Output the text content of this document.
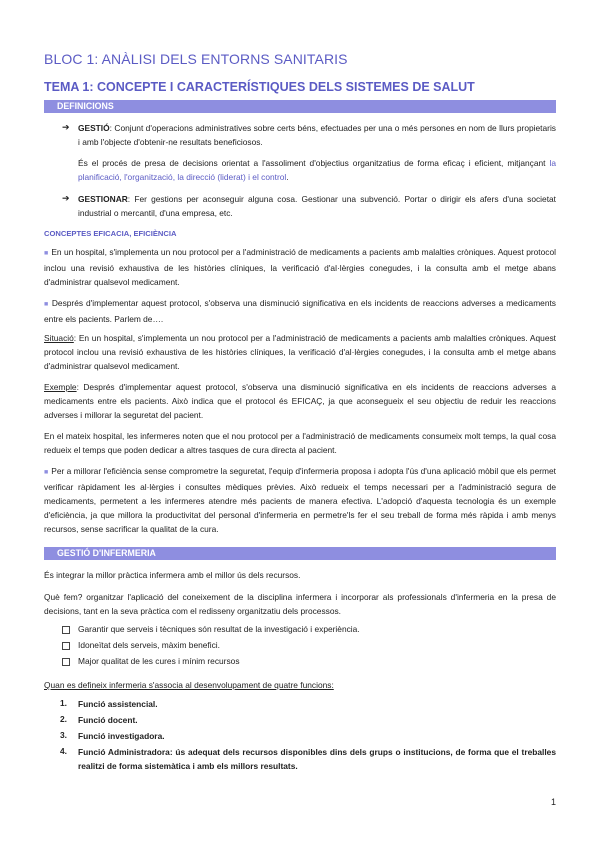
BLOC 1: ANÀLISI DELS ENTORNS SANITARIS
TEMA 1: CONCEPTE I CARACTERÍSTIQUES DELS SISTEMES DE SALUT
DEFINICIONS
➔ GESTIÓ: Conjunt d'operacions administratives sobre certs béns, efectuades per una o més persones en nom de llurs propietaris i amb l'objecte d'obtenir-ne resultats beneficiosos.
És el procés de presa de decisions orientat a l'assoliment d'objectius organitzatius de forma eficaç i eficient, mitjançant la planificació, l'organització, la direcció (liderat) i el control.
➔ GESTIONAR: Fer gestions per aconseguir alguna cosa. Gestionar una subvenció. Portar o dirigir els afers d'una societat industrial o mercantil, d'una empresa, etc.
CONCEPTES EFICACIA, EFICIÈNCIA
■ En un hospital, s'implementa un nou protocol per a l'administració de medicaments a pacients amb malalties cròniques. Aquest protocol inclou una revisió exhaustiva de les històries clíniques, la verificació d'al·lèrgies conegudes, i la consulta amb el metge abans d'administrar qualsevol medicament.
■ Després d'implementar aquest protocol, s'observa una disminució significativa en els incidents de reaccions adverses a medicaments entre els pacients. Parlem de….
Situació: En un hospital, s'implementa un nou protocol per a l'administració de medicaments a pacients amb malalties cròniques. Aquest protocol inclou una revisió exhaustiva de les històries clíniques, la verificació d'al·lèrgies conegudes, i la consulta amb el metge abans d'administrar qualsevol medicament.
Exemple: Després d'implementar aquest protocol, s'observa una disminució significativa en els incidents de reaccions adverses a medicaments entre els pacients. Això indica que el protocol és EFICAÇ, ja que aconsegueix el seu objectiu de reduir les reaccions adverses i millorar la seguretat del pacient.
En el mateix hospital, les infermeres noten que el nou protocol per a l'administració de medicaments consumeix molt temps, la qual cosa redueix el temps que poden dedicar a altres tasques de cura directa al pacient.
■ Per a millorar l'eficiència sense comprometre la seguretat, l'equip d'infermeria proposa i adopta l'ús d'una aplicació mòbil que els permet verificar ràpidament les al·lèrgies i consultes mèdiques prèvies. Això redueix el temps necessari per a l'administració segura de medicaments, permetent a les infermeres atendre més pacients de manera efectiva. L'adopció d'aquesta tecnologia és un exemple d'eficiència, ja que millora la productivitat del personal d'infermeria en permetre'ls fer el seu treball de forma més ràpida i amb menys recursos, sense sacrificar la qualitat de la cura.
GESTIÓ D'INFERMERIA
És integrar la millor pràctica infermera amb el millor ús dels recursos.
Què fem? organitzar l'aplicació del coneixement de la disciplina infermera i incorporar als professionals d'infermeria en la presa de decisions, tant en la seva pràctica com el redisseny organitzatiu dels processos.
Garantir que serveis i tècniques són resultat de la investigació i experiència.
Idoneïtat dels serveis, màxim benefici.
Major qualitat de les cures i mínim recursos
Quan es defineix infermeria s'associa al desenvolupament de quatre funcions:
1. Funció assistencial.
2. Funció docent.
3. Funció investigadora.
4. Funció Administradora: ús adequat dels recursos disponibles dins dels grups o institucions, de forma que el treballes realitzi de forma sistemàtica i amb els millors resultats.
1
